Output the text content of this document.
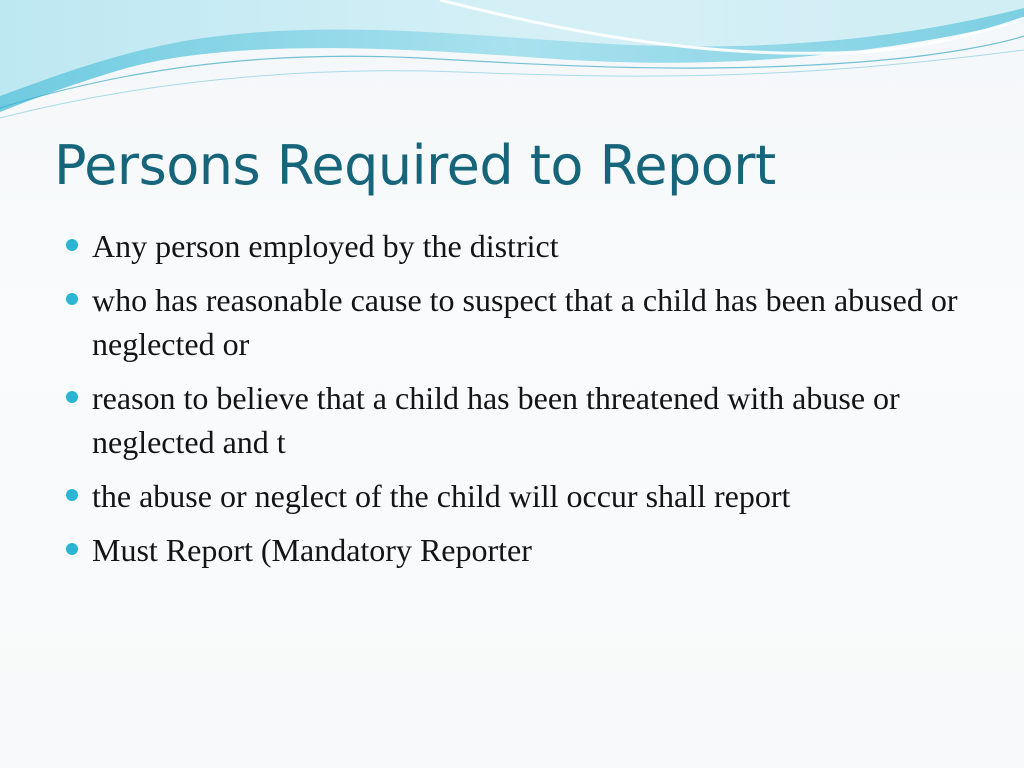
Persons Required to Report
Any person employed by the district
who has reasonable cause to suspect that a child has been abused or neglected or
reason to believe that a child has been threatened with abuse or neglected and t
the abuse or neglect of the child will occur shall report
Must Report (Mandatory Reporter
